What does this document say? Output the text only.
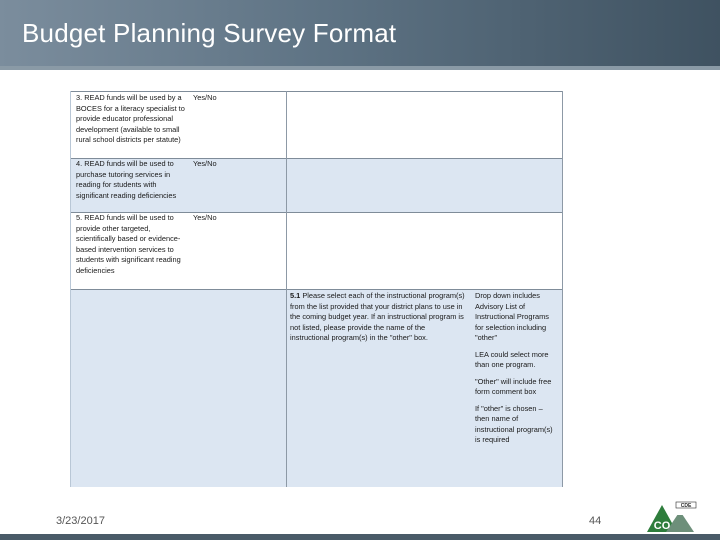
Budget Planning Survey Format
3. READ funds will be used by a BOCES for a literacy specialist to provide educator professional development (available to small rural school districts per statute)
Yes/No
4. READ funds will be used to purchase tutoring services in reading for students with significant reading deficiencies
Yes/No
5. READ funds will be used to provide other targeted, scientifically based or evidence-based intervention services to students with significant reading deficiencies
Yes/No
5.1 Please select each of the instructional program(s) from the list provided that your district plans to use in the coming budget year. If an instructional program is not listed, please provide the name of the instructional program(s) in the "other" box.
Drop down includes Advisory List of Instructional Programs for selection including "other"
LEA could select more than one program.
"Other" will include free form comment box
If "other" is chosen – then name of instructional program(s) is required
3/23/2017	44
CDE
CO
